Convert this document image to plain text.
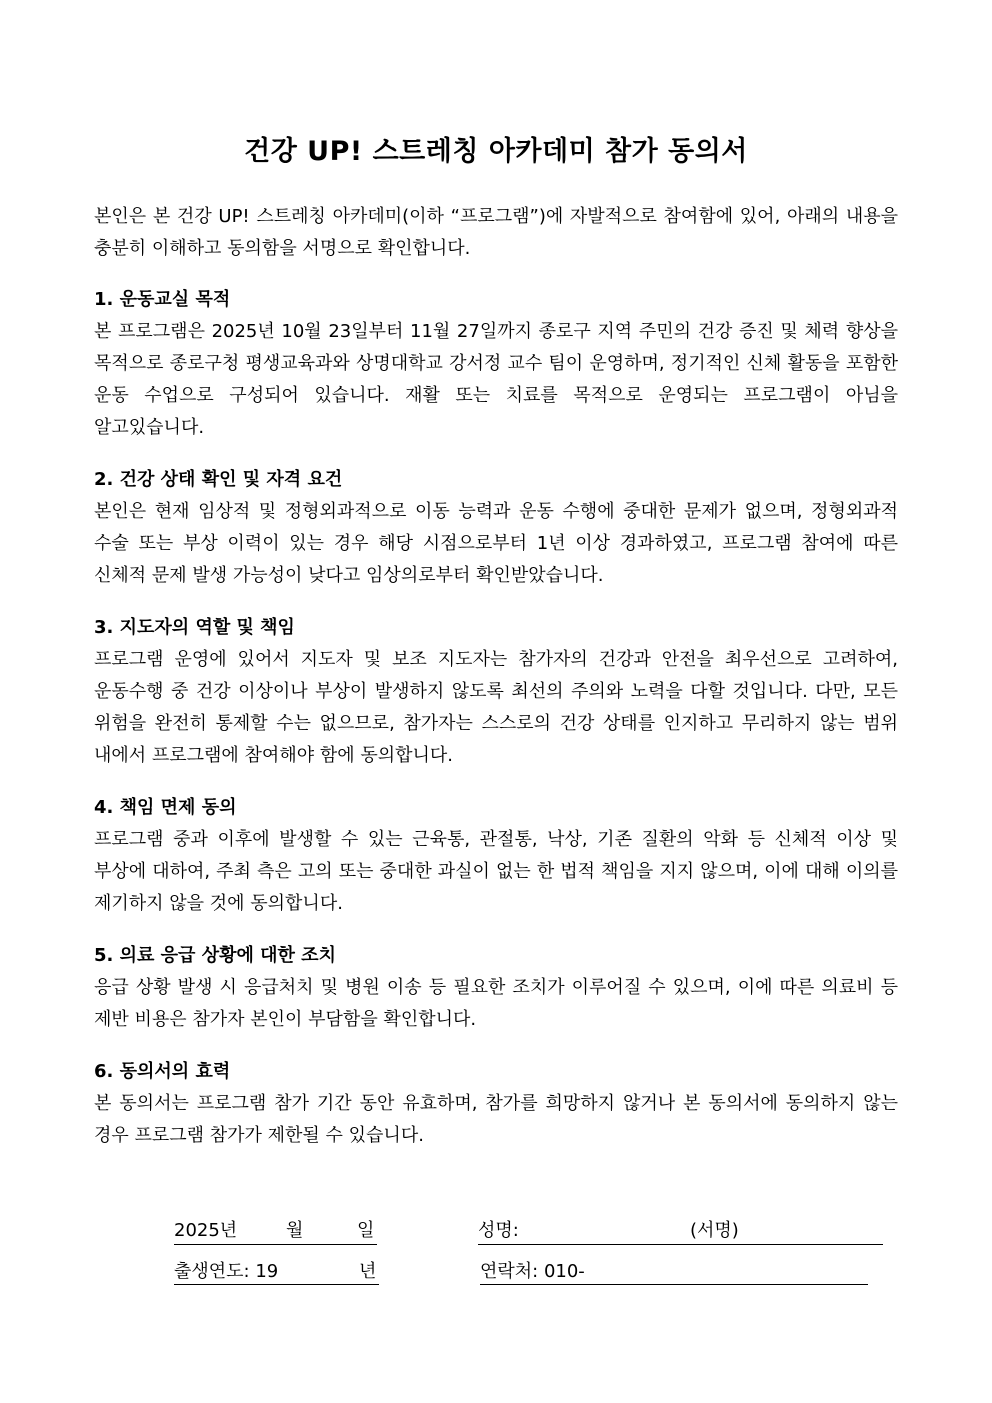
건강 UP! 스트레칭 아카데미 참가 동의서

본인은 본 건강 UP! 스트레칭 아카데미(이하 “프로그램”)에 자발적으로 참여함에 있어, 아래의 내용을 충분히 이해하고 동의함을 서명으로 확인합니다.

1. 운동교실 목적

본 프로그램은 2025년 10월 23일부터 11월 27일까지 종로구 지역 주민의 건강 증진 및 체력 향상을 목적으로 종로구청 평생교육과와 상명대학교 강서정 교수 팀이 운영하며, 정기적인 신체 활동을 포함한 운동 수업으로 구성되어 있습니다. 재활 또는 치료를 목적으로 운영되는 프로그램이 아님을 알고있습니다.

2. 건강 상태 확인 및 자격 요건

본인은 현재 임상적 및 정형외과적으로 이동 능력과 운동 수행에 중대한 문제가 없으며, 정형외과적 수술 또는 부상 이력이 있는 경우 해당 시점으로부터 1년 이상 경과하였고, 프로그램 참여에 따른 신체적 문제 발생 가능성이 낮다고 임상의로부터 확인받았습니다.

3. 지도자의 역할 및 책임

프로그램 운영에 있어서 지도자 및 보조 지도자는 참가자의 건강과 안전을 최우선으로 고려하여, 운동수행 중 건강 이상이나 부상이 발생하지 않도록 최선의 주의와 노력을 다할 것입니다. 다만, 모든 위험을 완전히 통제할 수는 없으므로, 참가자는 스스로의 건강 상태를 인지하고 무리하지 않는 범위 내에서 프로그램에 참여해야 함에 동의합니다.

4. 책임 면제 동의

프로그램 중과 이후에 발생할 수 있는 근육통, 관절통, 낙상, 기존 질환의 악화 등 신체적 이상 및 부상에 대하여, 주최 측은 고의 또는 중대한 과실이 없는 한 법적 책임을 지지 않으며, 이에 대해 이의를 제기하지 않을 것에 동의합니다.

5. 의료 응급 상황에 대한 조치

응급 상황 발생 시 응급처치 및 병원 이송 등 필요한 조치가 이루어질 수 있으며, 이에 따른 의료비 등 제반 비용은 참가자 본인이 부담함을 확인합니다.

6. 동의서의 효력

본 동의서는 프로그램 참가 기간 동안 유효하며, 참가를 희망하지 않거나 본 동의서에 동의하지 않는 경우 프로그램 참가가 제한될 수 있습니다.

2025년	월	일	성명:	(서명)
출생연도: 19	년	연락처: 010-
